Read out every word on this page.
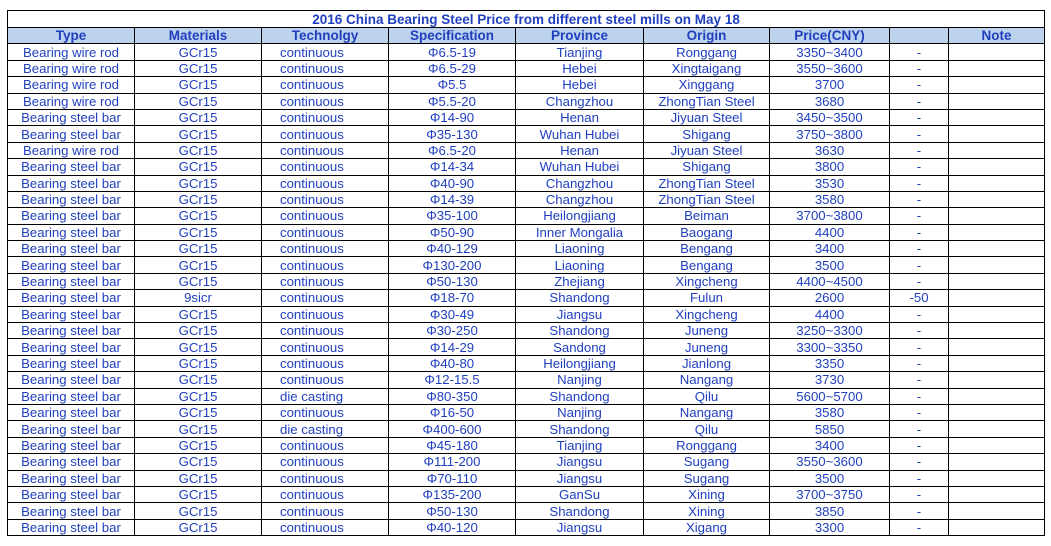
2016 China Bearing Steel Price from different steel mills on May 18								
Type	Materials	Technolgy	Specification	Province	Origin	Price(CNY)		Note
Bearing wire rod	GCr15	continuous	Φ6.5-19	Tianjing	Ronggang	3350~3400	-	
Bearing wire rod	GCr15	continuous	Φ6.5-29	Hebei	Xingtaigang	3550~3600	-	
Bearing wire rod	GCr15	continuous	Φ5.5	Hebei	Xinggang	3700	-	
Bearing wire rod	GCr15	continuous	Φ5.5-20	Changzhou	ZhongTian Steel	3680	-	
Bearing steel bar	GCr15	continuous	Φ14-90	Henan	Jiyuan Steel	3450~3500	-	
Bearing steel bar	GCr15	continuous	Φ35-130	Wuhan Hubei	Shigang	3750~3800	-	
Bearing wire rod	GCr15	continuous	Φ6.5-20	Henan	Jiyuan Steel	3630	-	
Bearing steel bar	GCr15	continuous	Φ14-34	Wuhan Hubei	Shigang	3800	-	
Bearing steel bar	GCr15	continuous	Φ40-90	Changzhou	ZhongTian Steel	3530	-	
Bearing steel bar	GCr15	continuous	Φ14-39	Changzhou	ZhongTian Steel	3580	-	
Bearing steel bar	GCr15	continuous	Φ35-100	Heilongjiang	Beiman	3700~3800	-	
Bearing steel bar	GCr15	continuous	Φ50-90	Inner Mongalia	Baogang	4400	-	
Bearing steel bar	GCr15	continuous	Φ40-129	Liaoning	Bengang	3400	-	
Bearing steel bar	GCr15	continuous	Φ130-200	Liaoning	Bengang	3500	-	
Bearing steel bar	GCr15	continuous	Φ50-130	Zhejiang	Xingcheng	4400~4500	-	
Bearing steel bar	9sicr	continuous	Φ18-70	Shandong	Fulun	2600	-50	
Bearing steel bar	GCr15	continuous	Φ30-49	Jiangsu	Xingcheng	4400	-	
Bearing steel bar	GCr15	continuous	Φ30-250	Shandong	Juneng	3250~3300	-	
Bearing steel bar	GCr15	continuous	Φ14-29	Sandong	Juneng	3300~3350	-	
Bearing steel bar	GCr15	continuous	Φ40-80	Heilongjiang	Jianlong	3350	-	
Bearing steel bar	GCr15	continuous	Φ12-15.5	Nanjing	Nangang	3730	-	
Bearing steel bar	GCr15	die casting	Φ80-350	Shandong	Qilu	5600~5700	-	
Bearing steel bar	GCr15	continuous	Φ16-50	Nanjing	Nangang	3580	-	
Bearing steel bar	GCr15	die casting	Φ400-600	Shandong	Qilu	5850	-	
Bearing steel bar	GCr15	continuous	Φ45-180	Tianjing	Ronggang	3400	-	
Bearing steel bar	GCr15	continuous	Φ111-200	Jiangsu	Sugang	3550~3600	-	
Bearing steel bar	GCr15	continuous	Φ70-110	Jiangsu	Sugang	3500	-	
Bearing steel bar	GCr15	continuous	Φ135-200	GanSu	Xining	3700~3750	-	
Bearing steel bar	GCr15	continuous	Φ50-130	Shandong	Xining	3850	-	
Bearing steel bar	GCr15	continuous	Φ40-120	Jiangsu	Xigang	3300	-	
